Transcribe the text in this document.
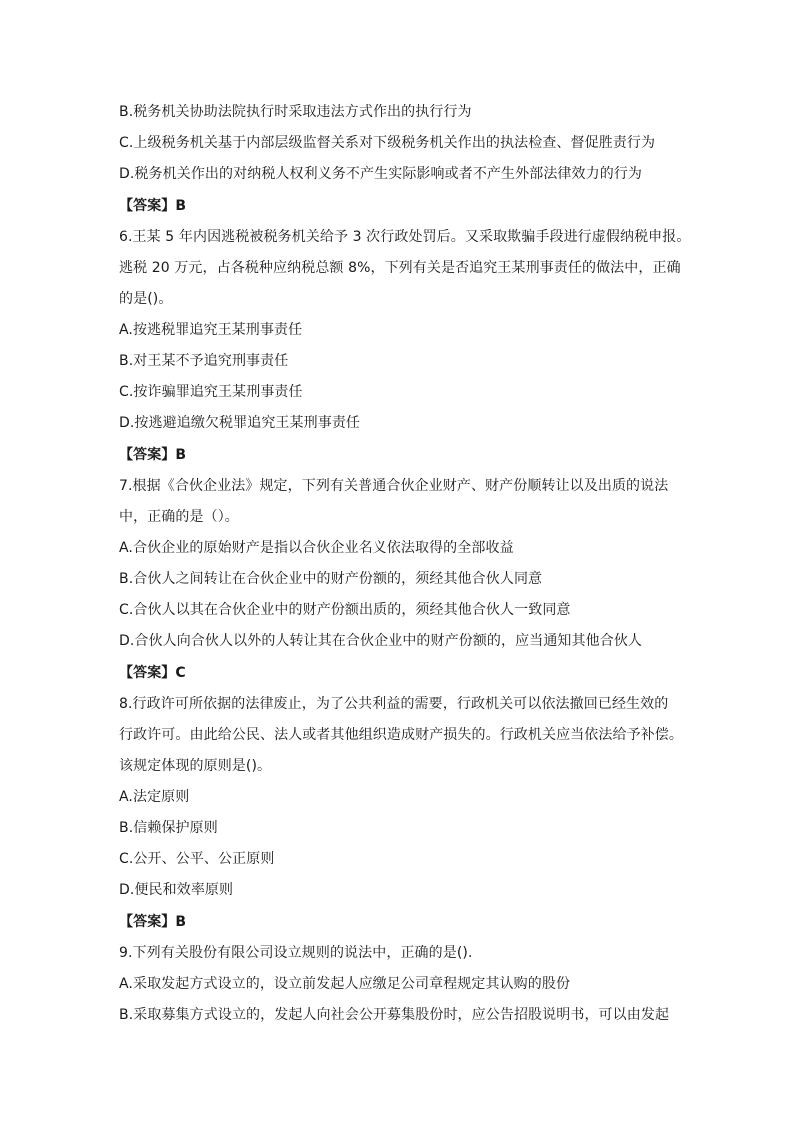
B.税务机关协助法院执行时采取违法方式作出的执行行为
C.上级税务机关基于内部层级监督关系对下级税务机关作出的执法检查、督促胜责行为
D.税务机关作出的对纳税人权利义务不产生实际影响或者不产生外部法律效力的行为
【答案】B
6.王某 5 年内因逃税被税务机关给予 3 次行政处罚后。又采取欺骗手段进行虚假纳税申报。
逃税 20 万元，占各税种应纳税总额 8%，下列有关是否追究王某刑事责任的做法中，正确
的是()。
A.按逃税罪追究王某刑事责任
B.对王某不予追究刑事责任
C.按诈骗罪追究王某刑事责任
D.按逃避追缴欠税罪追究王某刑事责任
【答案】B
7.根据《合伙企业法》规定，下列有关普通合伙企业财产、财产份顺转让以及出质的说法
中，正确的是（）。
A.合伙企业的原始财产是指以合伙企业名义依法取得的全部收益
B.合伙人之间转让在合伙企业中的财产份额的，须经其他合伙人同意
C.合伙人以其在合伙企业中的财产份额出质的，须经其他合伙人一致同意
D.合伙人向合伙人以外的人转让其在合伙企业中的财产份额的，应当通知其他合伙人
【答案】C
8.行政许可所依据的法律废止，为了公共利益的需要，行政机关可以依法撤回已经生效的
行政许可。由此给公民、法人或者其他组织造成财产损失的。行政机关应当依法给予补偿。
该规定体现的原则是()。
A.法定原则
B.信赖保护原则
C.公开、公平、公正原则
D.便民和效率原则
【答案】B
9.下列有关股份有限公司设立规则的说法中，正确的是().
A.采取发起方式设立的，设立前发起人应缴足公司章程规定其认购的股份
B.采取募集方式设立的，发起人向社会公开募集股份时，应公告招股说明书，可以由发起
